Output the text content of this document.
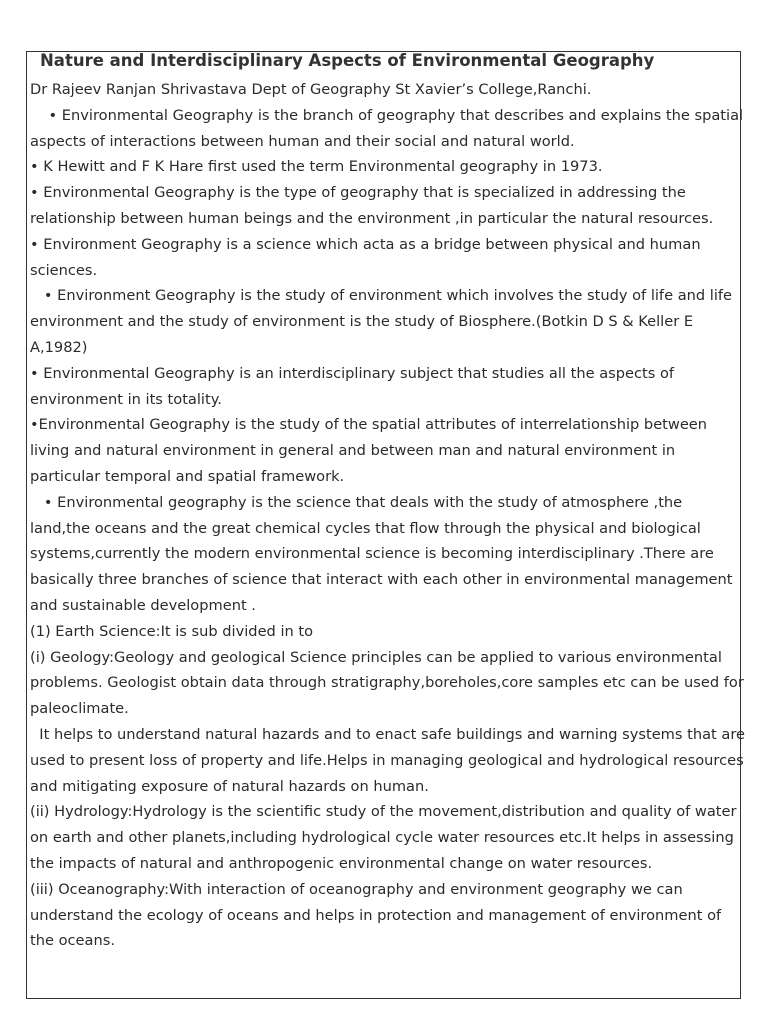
Nature and Interdisciplinary Aspects of Environmental Geography

Dr Rajeev Ranjan Shrivastava Dept of Geography St Xavier’s College,Ranchi.

• Environmental Geography is the branch of geography that describes and explains the spatial aspects of interactions between human and their social and natural world.

• K Hewitt and F K Hare first used the term Environmental geography in 1973.

• Environmental Geography is the type of geography that is specialized in addressing the relationship between human beings and the environment ,in particular the natural resources.

• Environment Geography is a science which acta as a bridge between physical and human sciences.

• Environment Geography is the study of environment which involves the study of life and life environment and the study of environment is the study of Biosphere.(Botkin D S & Keller E A,1982)

• Environmental Geography is an interdisciplinary subject that studies all the aspects of environment in its totality.

•Environmental Geography is the study of the spatial attributes of interrelationship between living and natural environment in general and between man and natural environment in particular temporal and spatial framework.

• Environmental geography is the science that deals with the study of atmosphere ,the land,the oceans and the great chemical cycles that flow through the physical and biological systems,currently the modern environmental science is becoming interdisciplinary .There are basically three branches of science that interact with each other in environmental management and sustainable development .

(1) Earth Science:It is sub divided in to

(i) Geology:Geology and geological Science principles can be applied to various environmental problems. Geologist obtain data through stratigraphy,boreholes,core samples etc can be used for paleoclimate.

It helps to understand natural hazards and to enact safe buildings and warning systems that are used to present loss of property and life.Helps in managing geological and hydrological resources and mitigating exposure of natural hazards on human.

(ii) Hydrology:Hydrology is the scientific study of the movement,distribution and quality of water on earth and other planets,including hydrological cycle water resources etc.It helps in assessing the impacts of natural and anthropogenic environmental change on water resources.

(iii) Oceanography:With interaction of oceanography and environment geography we can understand the ecology of oceans and helps in protection and management of environment of the oceans.
